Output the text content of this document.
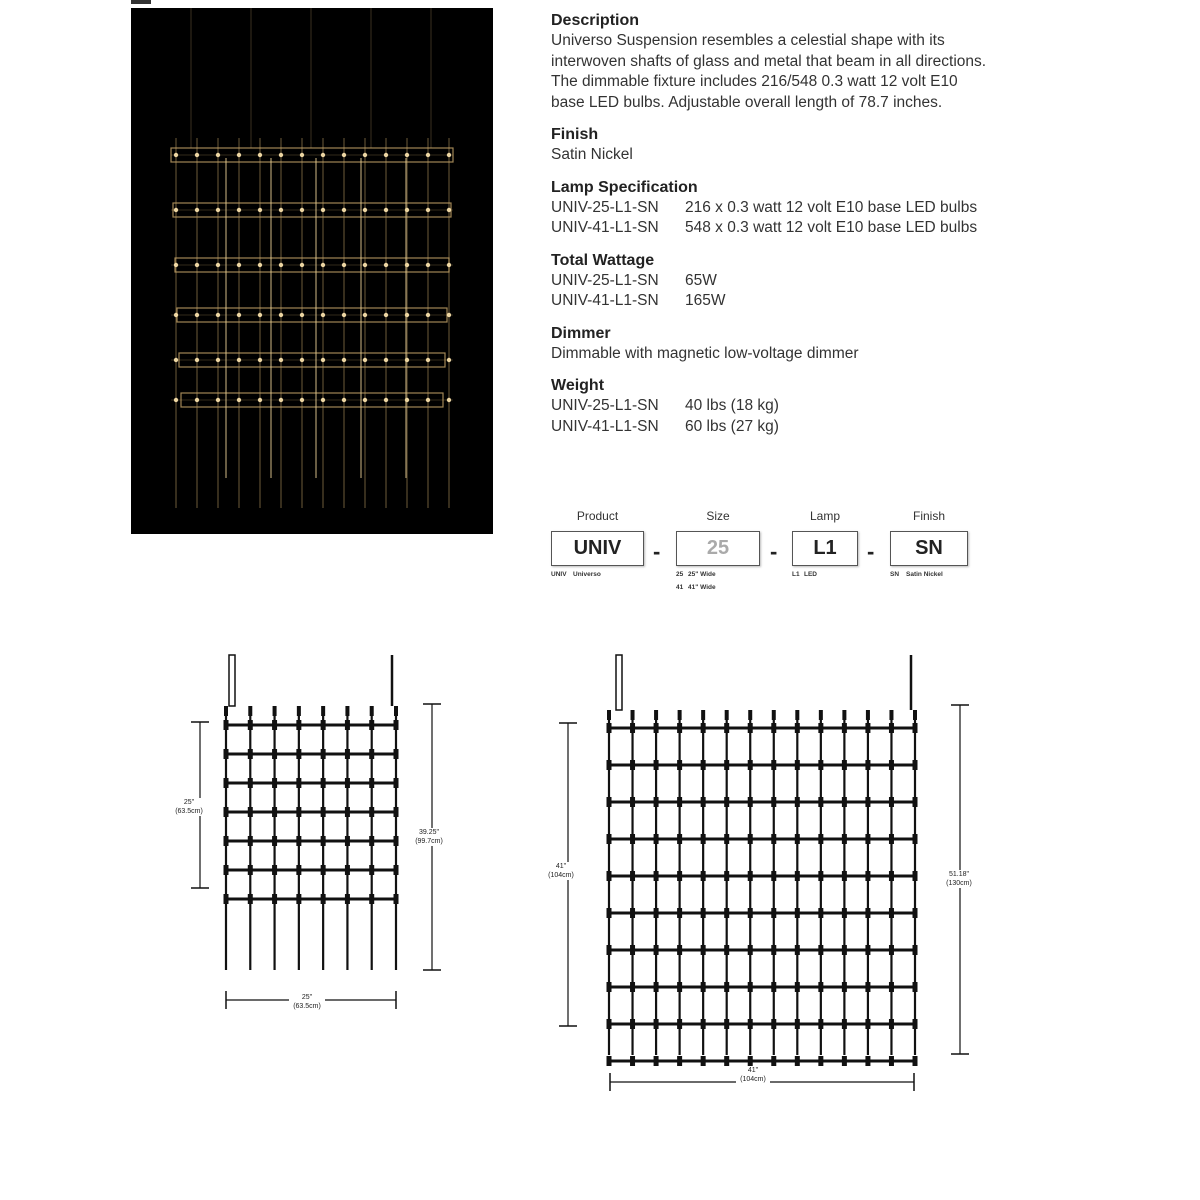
Description

Universo Suspension resembles a celestial shape with its

interwoven shafts of glass and metal that beam in all directions.

The dimmable fixture includes 216/548 0.3 watt 12 volt E10

base LED bulbs. Adjustable overall length of 78.7 inches.

Finish

Satin Nickel

Lamp Specification
UNIV-25-L1-SN	216 x 0.3 watt 12 volt E10 base LED bulbs
UNIV-41-L1-SN	548 x 0.3 watt 12 volt E10 base LED bulbs
Total Wattage
UNIV-25-L1-SN	65W
UNIV-41-L1-SN	165W
Dimmer

Dimmable with magnetic low-voltage dimmer

Weight
UNIV-25-L1-SN	40 lbs (18 kg)
UNIV-41-L1-SN	60 lbs (27 kg)
Product
UNIV	-
Size
25	-
Lamp
L1	-
Finish
SN
UNIV Universo	25 25" Wide
41 41" Wide
L1 LED	SN Satin Nickel
25"
(63.5cm)
39.25"
(99.7cm)
25"
(63.5cm)
41"
(104cm)	51.18"
(130cm)
41"
(104cm)
